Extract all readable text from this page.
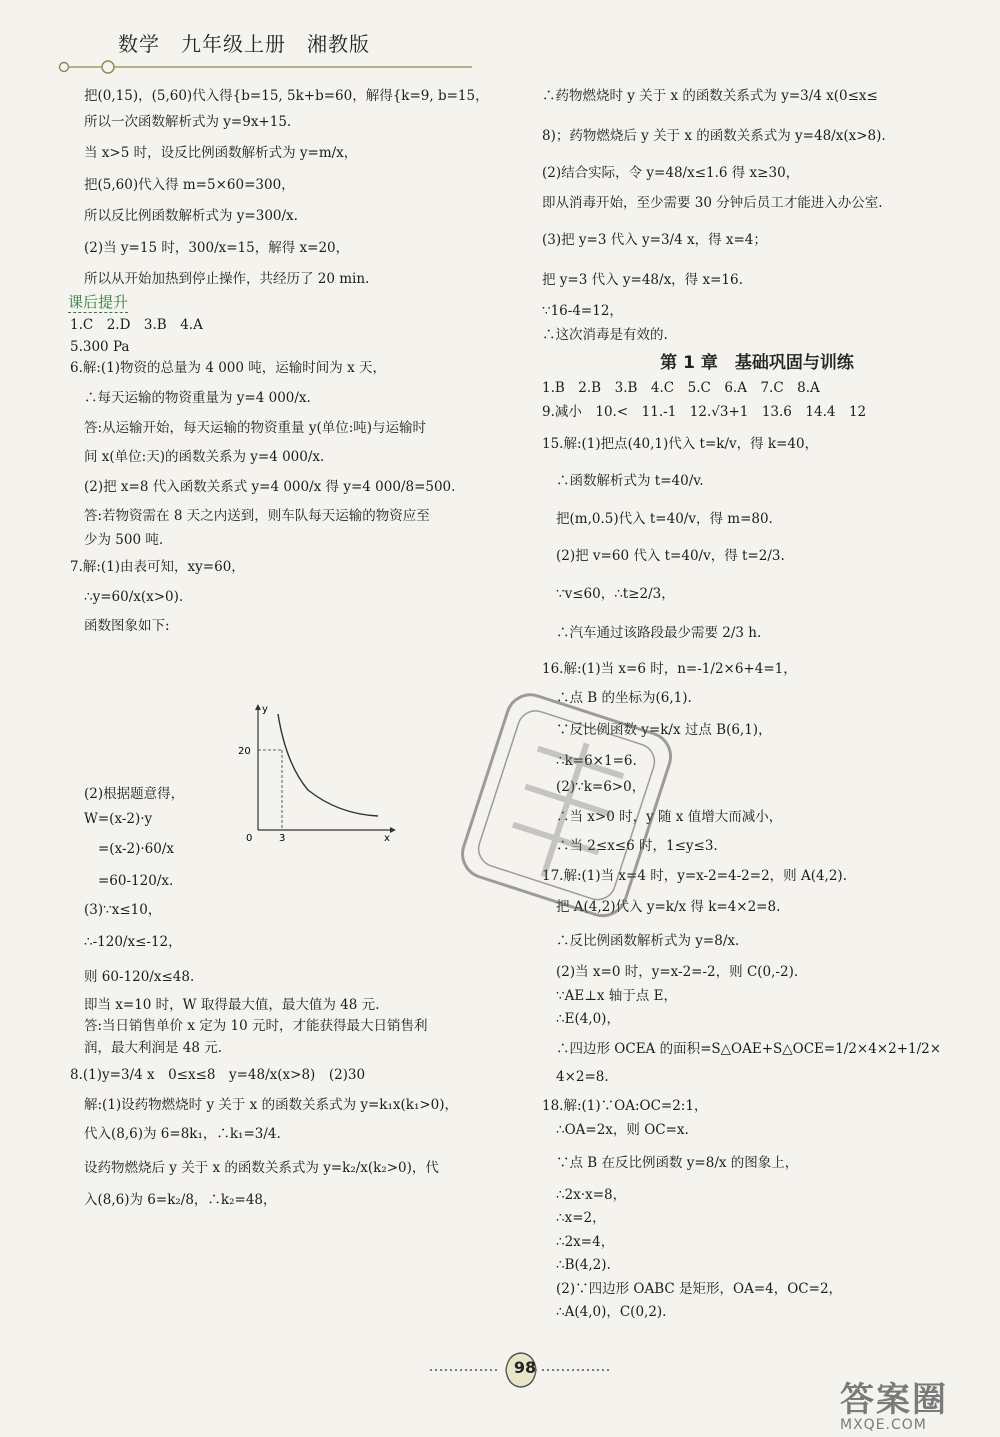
数学　九年级上册　湘教版
把(0,15)，(5,60)代入得{b=15, 5k+b=60，解得{k=9, b=15，
所以一次函数解析式为 y=9x+15.
当 x>5 时，设反比例函数解析式为 y=m/x，
把(5,60)代入得 m=5×60=300，
所以反比例函数解析式为 y=300/x.
(2)当 y=15 时，300/x=15，解得 x=20，
所以从开始加热到停止操作，共经历了 20 min.
课后提升
1.C　2.D　3.B　4.A
5.300 Pa
6.解:(1)物资的总量为 4 000 吨，运输时间为 x 天，
∴每天运输的物资重量为 y=4 000/x.
答:从运输开始，每天运输的物资重量 y(单位:吨)与运输时
间 x(单位:天)的函数关系为 y=4 000/x.
(2)把 x=8 代入函数关系式 y=4 000/x 得 y=4 000/8=500.
答:若物资需在 8 天之内送到，则车队每天运输的物资应至
少为 500 吨.
7.解:(1)由表可知，xy=60，
∴y=60/x(x>0).
函数图象如下:
(2)根据题意得，
W=(x-2)·y
=(x-2)·60/x
=60-120/x.
(3)∵x≤10，
∴-120/x≤-12，
则 60-120/x≤48.
即当 x=10 时，W 取得最大值，最大值为 48 元.
答:当日销售单价 x 定为 10 元时，才能获得最大日销售利
润，最大利润是 48 元.
8.(1)y=3/4 x　0≤x≤8　y=48/x(x>8)　(2)30
解:(1)设药物燃烧时 y 关于 x 的函数关系式为 y=k₁x(k₁>0)，
代入(8,6)为 6=8k₁，∴k₁=3/4.
设药物燃烧后 y 关于 x 的函数关系式为 y=k₂/x(k₂>0)，代
入(8,6)为 6=k₂/8，∴k₂=48，
y
x
0
20
3
∴药物燃烧时 y 关于 x 的函数关系式为 y=3/4 x(0≤x≤
8)；药物燃烧后 y 关于 x 的函数关系式为 y=48/x(x>8).
(2)结合实际，令 y=48/x≤1.6 得 x≥30，
即从消毒开始，至少需要 30 分钟后员工才能进入办公室.
(3)把 y=3 代入 y=3/4 x，得 x=4；
把 y=3 代入 y=48/x，得 x=16.
∵16-4=12，
∴这次消毒是有效的.
第 1 章　基础巩固与训练
1.B　2.B　3.B　4.C　5.C　6.A　7.C　8.A
9.减小　10.<　11.-1　12.√3+1　13.6　14.4　12
15.解:(1)把点(40,1)代入 t=k/v，得 k=40，
∴函数解析式为 t=40/v.
把(m,0.5)代入 t=40/v，得 m=80.
(2)把 v=60 代入 t=40/v，得 t=2/3.
∵v≤60，∴t≥2/3，
∴汽车通过该路段最少需要 2/3 h.
16.解:(1)当 x=6 时，n=-1/2×6+4=1，
∴点 B 的坐标为(6,1).
∵反比例函数 y=k/x 过点 B(6,1)，
∴k=6×1=6.
(2)∵k=6>0，
∴当 x>0 时，y 随 x 值增大而减小，
∴当 2≤x≤6 时，1≤y≤3.
17.解:(1)当 x=4 时，y=x-2=4-2=2，则 A(4,2).
把 A(4,2)代入 y=k/x 得 k=4×2=8.
∴反比例函数解析式为 y=8/x.
(2)当 x=0 时，y=x-2=-2，则 C(0,-2).
∵AE⊥x 轴于点 E，
∴E(4,0)，
∴四边形 OCEA 的面积=S△OAE+S△OCE=1/2×4×2+1/2×
4×2=8.
18.解:(1)∵OA:OC=2:1，
∴OA=2x，则 OC=x.
∵点 B 在反比例函数 y=8/x 的图象上，
∴2x·x=8，
∴x=2，
∴2x=4，
∴B(4,2).
(2)∵四边形 OABC 是矩形，OA=4，OC=2，
∴A(4,0)，C(0,2).
98
答案圈
MXQE.COM
